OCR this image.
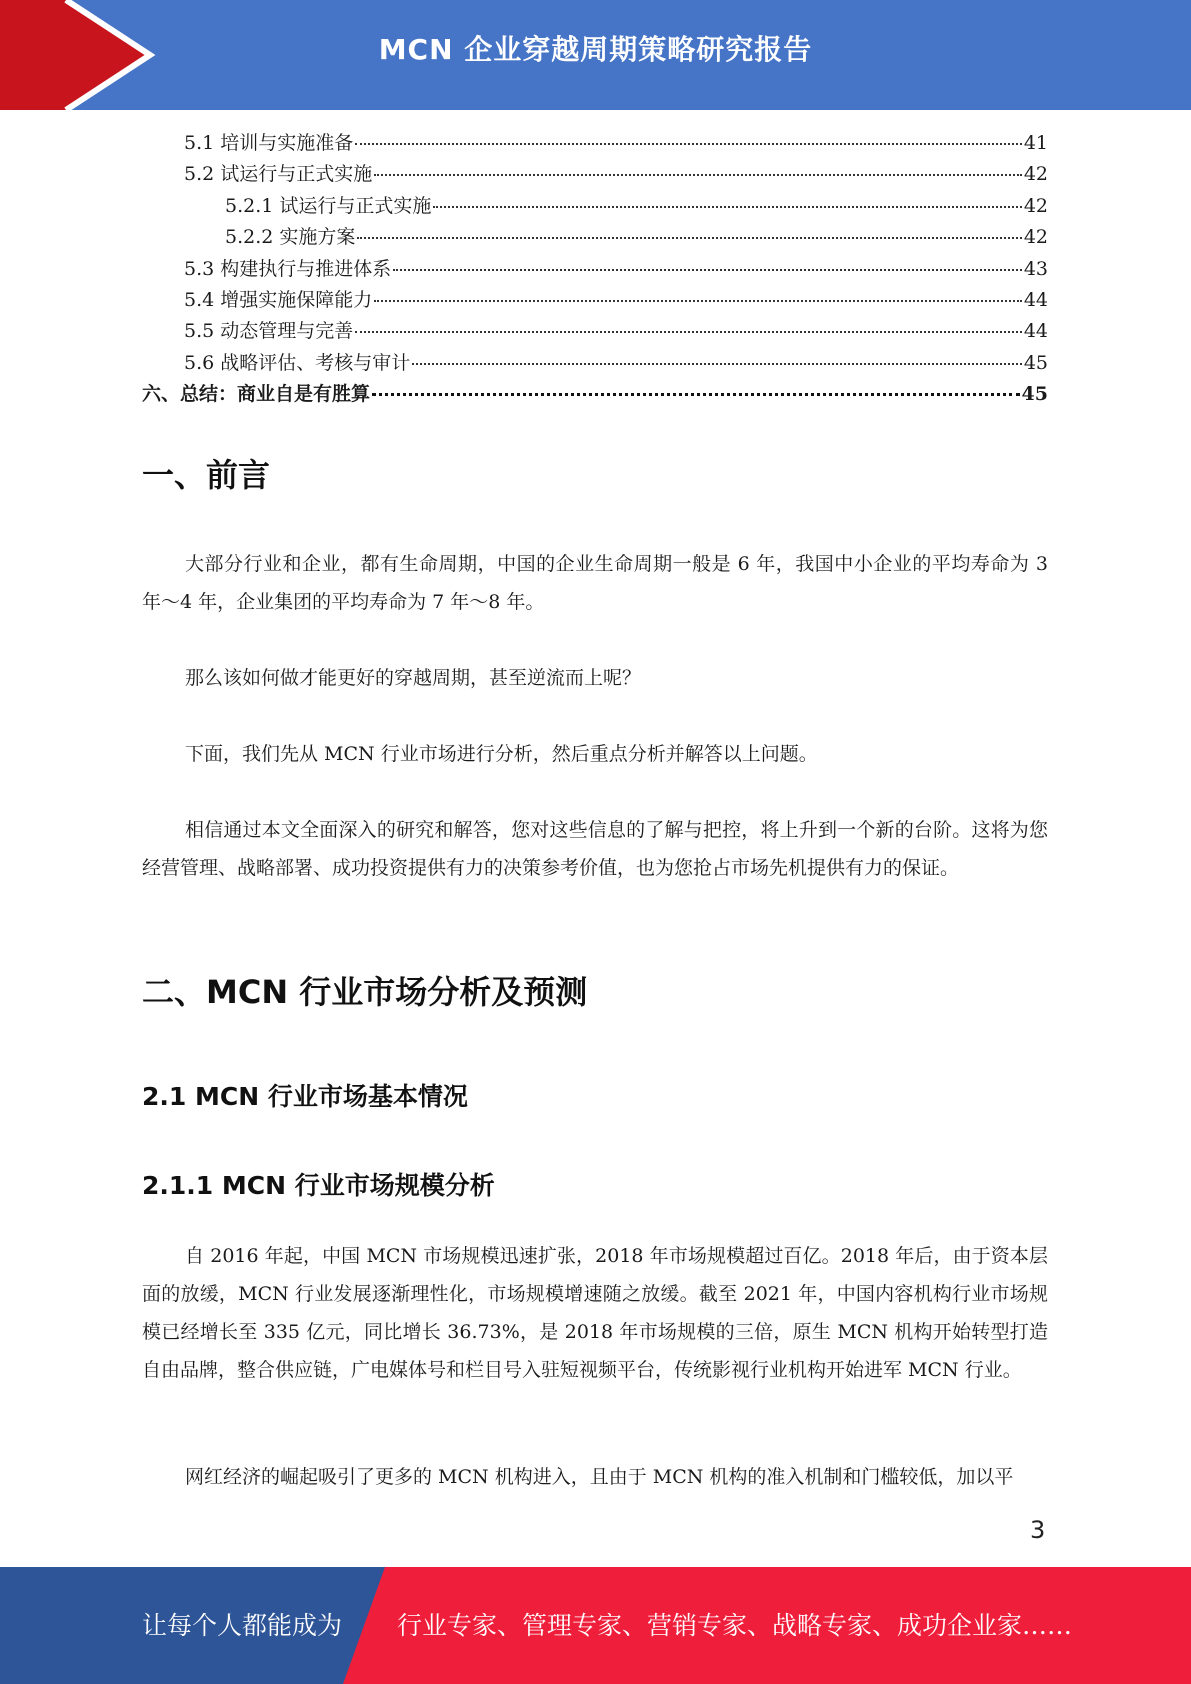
MCN 企业穿越周期策略研究报告
5.1 培训与实施准备	41
5.2 试运行与正式实施	42
5.2.1 试运行与正式实施	42
5.2.2 实施方案	42
5.3 构建执行与推进体系	43
5.4 增强实施保障能力	44
5.5 动态管理与完善	44
5.6 战略评估、考核与审计	45
六、总结：商业自是有胜算	45
一、前言

大部分行业和企业，都有生命周期，中国的企业生命周期一般是 6 年，我国中小企业的平均寿命为 3 年～4 年，企业集团的平均寿命为 7 年～8 年。

那么该如何做才能更好的穿越周期，甚至逆流而上呢？

下面，我们先从 MCN 行业市场进行分析，然后重点分析并解答以上问题。

相信通过本文全面深入的研究和解答，您对这些信息的了解与把控，将上升到一个新的台阶。这将为您经营管理、战略部署、成功投资提供有力的决策参考价值，也为您抢占市场先机提供有力的保证。

二、MCN 行业市场分析及预测
2.1 MCN 行业市场基本情况
2.1.1 MCN 行业市场规模分析

自 2016 年起，中国 MCN 市场规模迅速扩张，2018 年市场规模超过百亿。2018 年后，由于资本层面的放缓，MCN 行业发展逐渐理性化，市场规模增速随之放缓。截至 2021 年，中国内容机构行业市场规模已经增长至 335 亿元，同比增长 36.73%，是 2018 年市场规模的三倍，原生 MCN 机构开始转型打造自由品牌，整合供应链，广电媒体号和栏目号入驻短视频平台，传统影视行业机构开始进军 MCN 行业。

网红经济的崛起吸引了更多的 MCN 机构进入，且由于 MCN 机构的准入机制和门槛较低，加以平

3
让每个人都能成为 行业专家、管理专家、营销专家、战略专家、成功企业家……
